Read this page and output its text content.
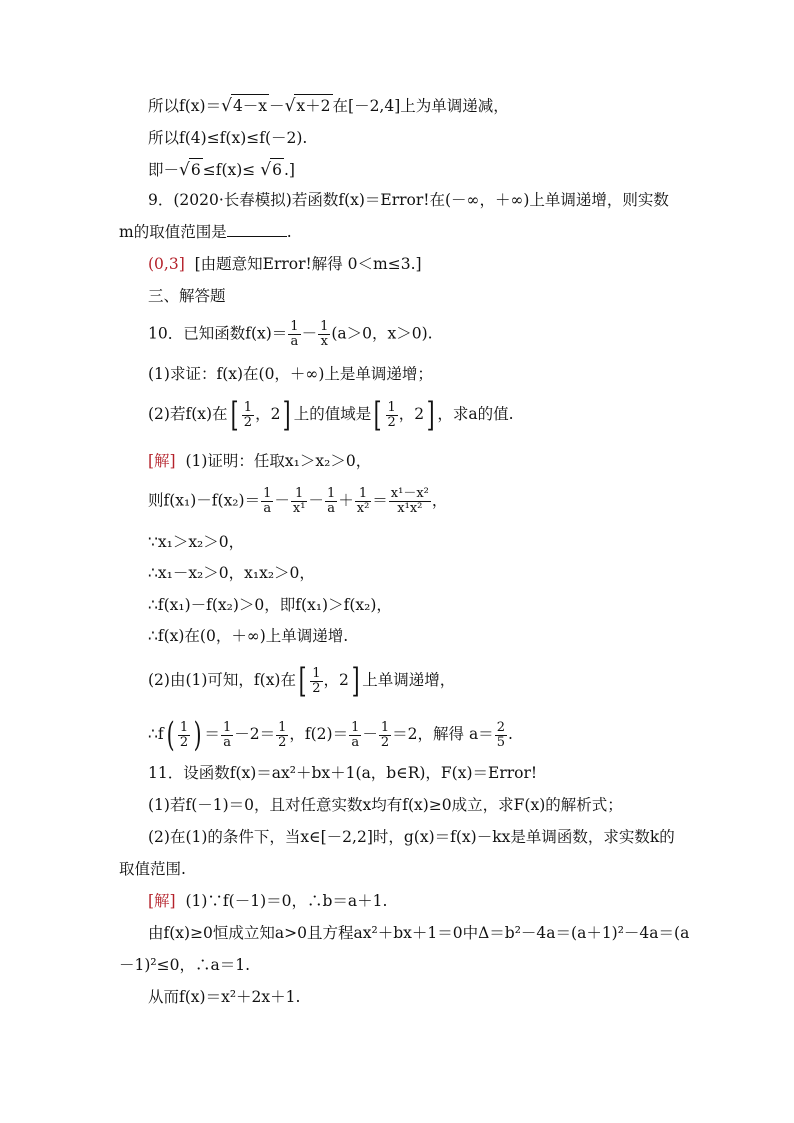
所以f(x)＝√4－x －√x＋2 在[－2,4]上为单调递减，
所以f(4)≤f(x)≤f(－2).
即－√6 ≤f(x)≤ √6 .]
9．(2020·长春模拟)若函数f(x)＝Error!在(－∞，＋∞)上单调递增，则实数
m的取值范围是	.
(0,3] [由题意知Error!解得 0＜m≤3.]
三、解答题
10．已知函数$f(x)= \frac{1}{a} - \frac{1}{x} (a>0$，x＞0).
(1)求证：f(x)在(0，＋∞)上是单调递增；
(2)若f(x)在[ $\frac{1}{2}$ ，2] 上的值域是[ $\frac{1}{2}$ ，2] ，求a的值.
[解] (1)证明：任取x₁＞x₂＞0，
则$f(x_1)-f(x_2)= \frac{1}{a} - \frac{1}{\text{x¹}} - \frac{1}{a} + \frac{1}{\text{x²}} = \frac{\text{x¹－x²}}{\text{x¹x²}}$ ，
∵x₁＞x₂＞0，
∴x₁－x₂＞0，x₁x₂＞0，
∴f(x₁)－f(x₂)＞0，即f(x₁)＞f(x₂)，
∴f(x)在(0，＋∞)上单调递增.
(2)由(1)可知，f(x)在[ $\frac{1}{2}$ ，2] 上单调递增，
∴f( $\frac{1}{2}$ ) ＝ $\frac{1}{a} -2= \frac{1}{2}$ ，$f(2)= \frac{1}{a} - \frac{1}{2} =2$，解得 $a= \frac{2}{5}$ .
11．设函数f(x)＝ax²＋bx＋1(a，b∈R)，F(x)＝Error!
(1)若f(－1)＝0，且对任意实数x均有f(x)≥0成立，求F(x)的解析式；
(2)在(1)的条件下，当x∈[－2,2]时，g(x)＝f(x)－kx是单调函数，求实数k的
取值范围.
[解] (1)∵f(－1)＝0，∴b＝a＋1.
由f(x)≥0恒成立知a>0且方程ax²＋bx＋1＝0中Δ＝b²－4a＝(a＋1)²－4a＝(a
－1)²≤0，∴a＝1.
从而f(x)＝x²＋2x＋1.
